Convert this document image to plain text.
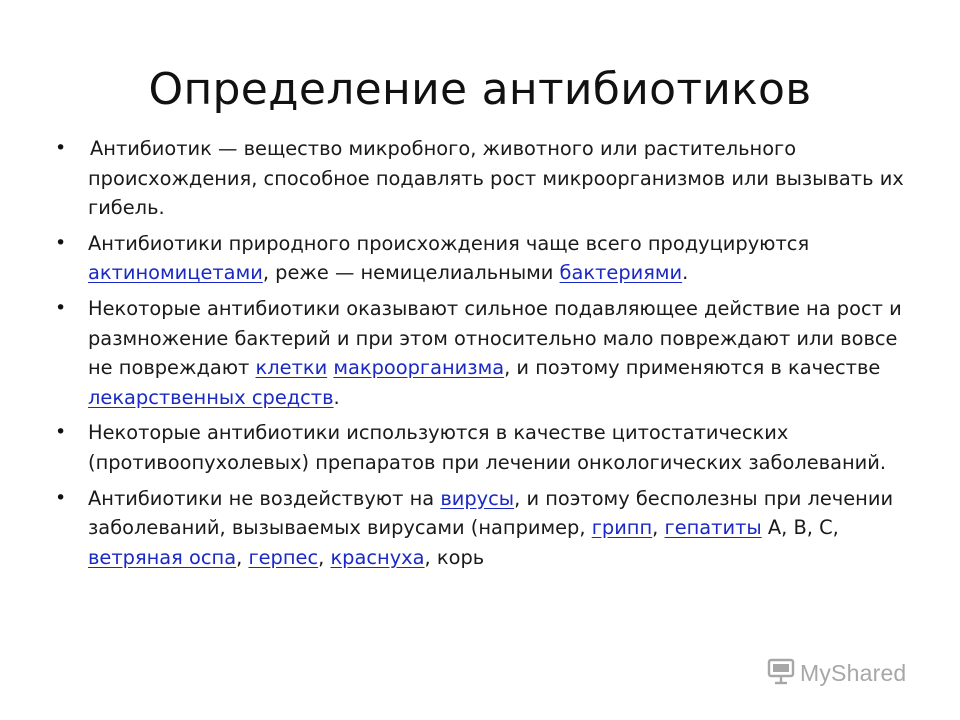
Определение антибиотиков
• Антибиотик — вещество микробного, животного или растительного происхождения, способное подавлять рост микроорганизмов или вызывать их гибель.
• Антибиотики природного происхождения чаще всего продуцируются актиномицетами, реже — немицелиальными бактериями.
• Некоторые антибиотики оказывают сильное подавляющее действие на рост и размножение бактерий и при этом относительно мало повреждают или вовсе не повреждают клетки макроорганизма, и поэтому применяются в качестве лекарственных средств.
• Некоторые антибиотики используются в качестве цитостатических (противоопухолевых) препаратов при лечении онкологических заболеваний.
• Антибиотики не воздействуют на вирусы, и поэтому бесполезны при лечении заболеваний, вызываемых вирусами (например, грипп, гепатиты А, В, С, ветряная оспа, герпес, краснуха, корь
MyShared
